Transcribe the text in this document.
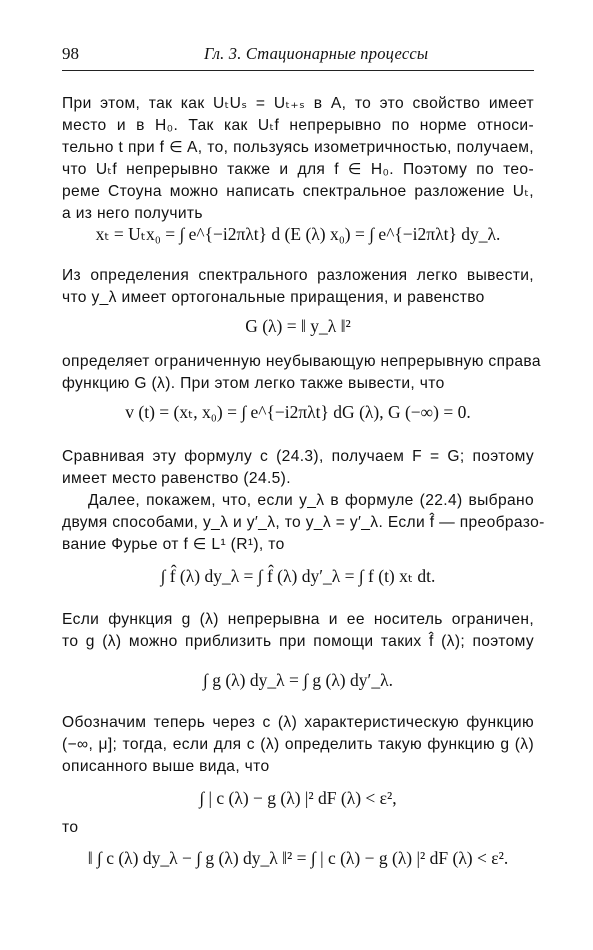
98	Гл. 3. Стационарные процессы
При этом, так как UₜUₛ = Uₜ₊ₛ в A, то это свойство имеет
место и в H₀. Так как Uₜf непрерывно по норме относи-
тельно t при f ∈ A, то, пользуясь изометричностью, получаем,
что Uₜf непрерывно также и для f ∈ H₀. Поэтому по тео-
реме Стоуна можно написать спектральное разложение Uₜ,
а из него получить
xₜ = Uₜx₀ = ∫ e^{−i2πλt} d (E (λ) x₀) = ∫ e^{−i2πλt} dy_λ.
Из определения спектрального разложения легко вывести,
что y_λ имеет ортогональные приращения, и равенство
G (λ) = ‖ y_λ ‖²
определяет ограниченную неубывающую непрерывную справа
функцию G (λ). При этом легко также вывести, что
v (t) = (xₜ, x₀) = ∫ e^{−i2πλt} dG (λ), G (−∞) = 0.
Сравнивая эту формулу с (24.3), получаем F = G; поэтому
имеет место равенство (24.5).
Далее, покажем, что, если y_λ в формуле (22.4) выбрано
двумя способами, y_λ и y′_λ, то y_λ = y′_λ. Если f̂ — преобразо-
вание Фурье от f ∈ L¹ (R¹), то
∫ f̂ (λ) dy_λ = ∫ f̂ (λ) dy′_λ = ∫ f (t) xₜ dt.
Если функция g (λ) непрерывна и ее носитель ограничен,
то g (λ) можно приблизить при помощи таких f̂ (λ); поэтому
∫ g (λ) dy_λ = ∫ g (λ) dy′_λ.
Обозначим теперь через c (λ) характеристическую функцию
(−∞, μ]; тогда, если для c (λ) определить такую функцию g (λ)
описанного выше вида, что
∫ | c (λ) − g (λ) |² dF (λ) < ε²,
то
‖ ∫ c (λ) dy_λ − ∫ g (λ) dy_λ ‖² = ∫ | c (λ) − g (λ) |² dF (λ) < ε².
